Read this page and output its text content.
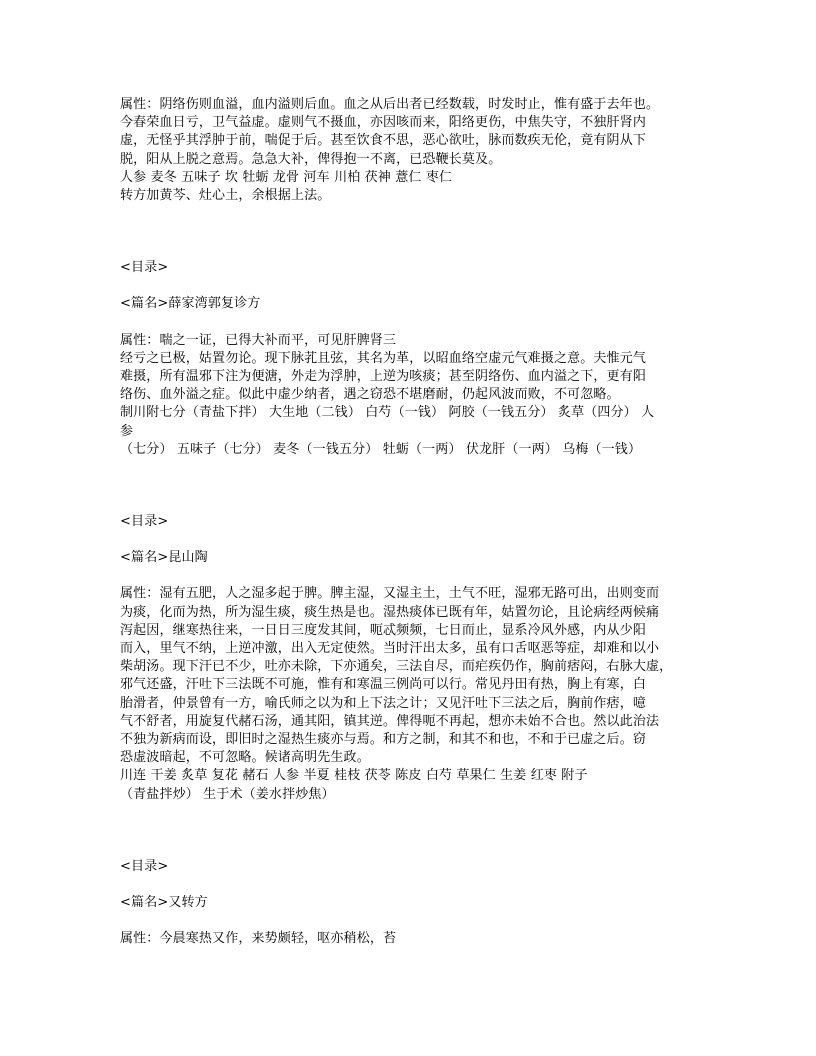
属性：阴络伤则血溢，血内溢则后血。血之从后出者已经数载，时发时止，惟有盛于去年也。
今春荣血日亏，卫气益虚。虚则气不摄血，亦因咳而来，阳络更伤，中焦失守，不独肝肾内
虚，无怪乎其浮肿于前，喘促于后。甚至饮食不思，恶心欲吐，脉而数疾无伦，竟有阴从下
脱，阳从上脱之意焉。急急大补，俾得抱一不离，已恐鞭长莫及。
人参 麦冬 五味子 坎 牡蛎 龙骨 河车 川柏 茯神 薏仁 枣仁
转方加黄芩、灶心土，余根据上法。
<目录>
<篇名>薛家湾郭复诊方
属性：喘之一证，已得大补而平，可见肝脾肾三
经亏之已极，姑置勿论。现下脉芤且弦，其名为革，以昭血络空虚元气难摄之意。夫惟元气
难摄，所有温邪下注为便溏，外走为浮肿，上逆为咳痰；甚至阴络伤、血内溢之下，更有阳
络伤、血外溢之症。似此中虚少纳者，遇之窃恐不堪磨耐，仍起风波而败，不可忽略。
制川附七分（青盐下拌） 大生地（二钱） 白芍（一钱） 阿胶（一钱五分） 炙草（四分） 人
参
（七分） 五味子（七分） 麦冬（一钱五分） 牡蛎（一两） 伏龙肝（一两） 乌梅（一钱）
<目录>
<篇名>昆山陶
属性：湿有五肥，人之湿多起于脾。脾主湿，又湿主土，土气不旺，湿邪无路可出，出则变而
为痰，化而为热，所为湿生痰，痰生热是也。湿热痰体已既有年，姑置勿论，且论病经两候痛
泻起因，继寒热往来，一日日三度发其间，呃忒频频，七日而止，显系冷风外感，内从少阳
而入，里气不纳，上逆冲激，出入无定使然。当时汗出太多，虽有口舌呕恶等症，却难和以小
柴胡汤。现下汗已不少，吐亦未除，下亦通矣，三法自尽，而疟疾仍作，胸前痞闷，右脉大虚，
邪气还盛，汗吐下三法既不可施，惟有和寒温三例尚可以行。常见丹田有热，胸上有寒，白
胎滑者，仲景曾有一方，喻氏师之以为和上下法之计；又见汗吐下三法之后，胸前作痞，噫
气不舒者，用旋复代赭石汤，通其阳，镇其逆。俾得呃不再起，想亦未始不合也。然以此治法
不独为新病而设，即旧时之湿热生痰亦与焉。和方之制，和其不和也，不和于已虚之后。窃
恐虚波暗起，不可忽略。候诸高明先生政。
川连 干姜 炙草 复花 赭石 人参 半夏 桂枝 茯苓 陈皮 白芍 草果仁 生姜 红枣 附子
（青盐拌炒） 生于术（姜水拌炒焦）
<目录>
<篇名>又转方
属性：今晨寒热又作，来势颇轻，呕亦稍松，苔
